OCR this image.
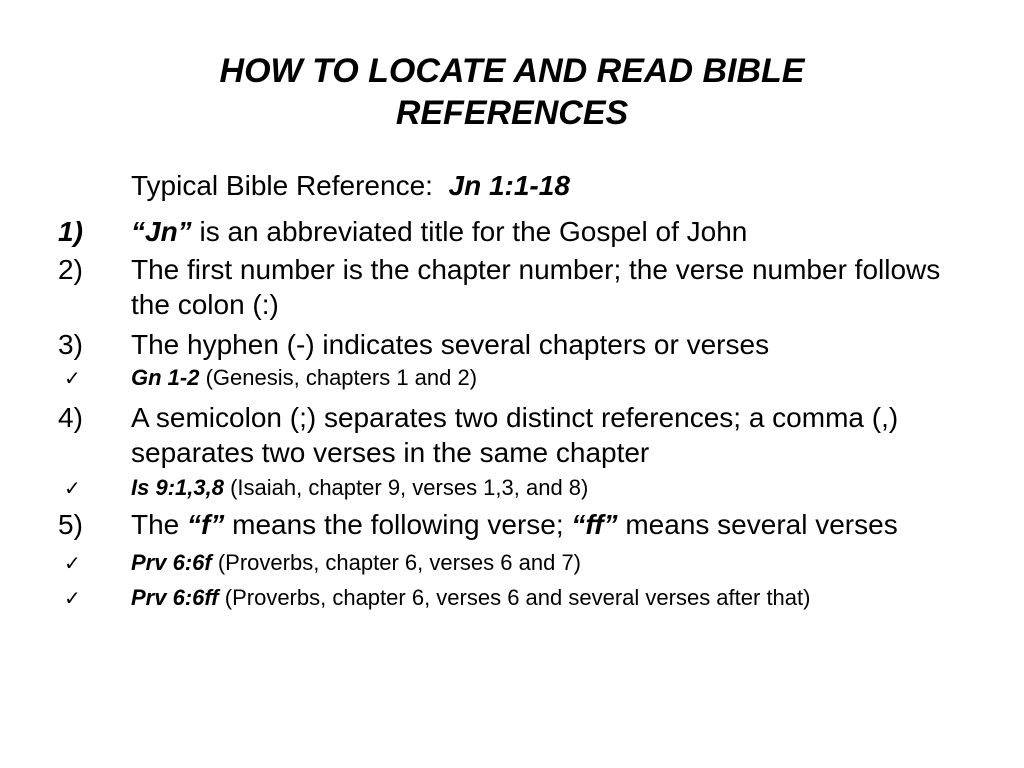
HOW TO LOCATE AND READ BIBLE
REFERENCES
Typical Bible Reference: Jn 1:1-18
1) “Jn” is an abbreviated title for the Gospel of John
2) The first number is the chapter number; the verse number follows the colon (:)
3) The hyphen (-) indicates several chapters or verses
✓ Gn 1-2 (Genesis, chapters 1 and 2)
4) A semicolon (;) separates two distinct references; a comma (,) separates two verses in the same chapter
✓ Is 9:1,3,8 (Isaiah, chapter 9, verses 1,3, and 8)
5) The “f” means the following verse; “ff” means several verses
✓ Prv 6:6f (Proverbs, chapter 6, verses 6 and 7)
✓ Prv 6:6ff (Proverbs, chapter 6, verses 6 and several verses after that)
